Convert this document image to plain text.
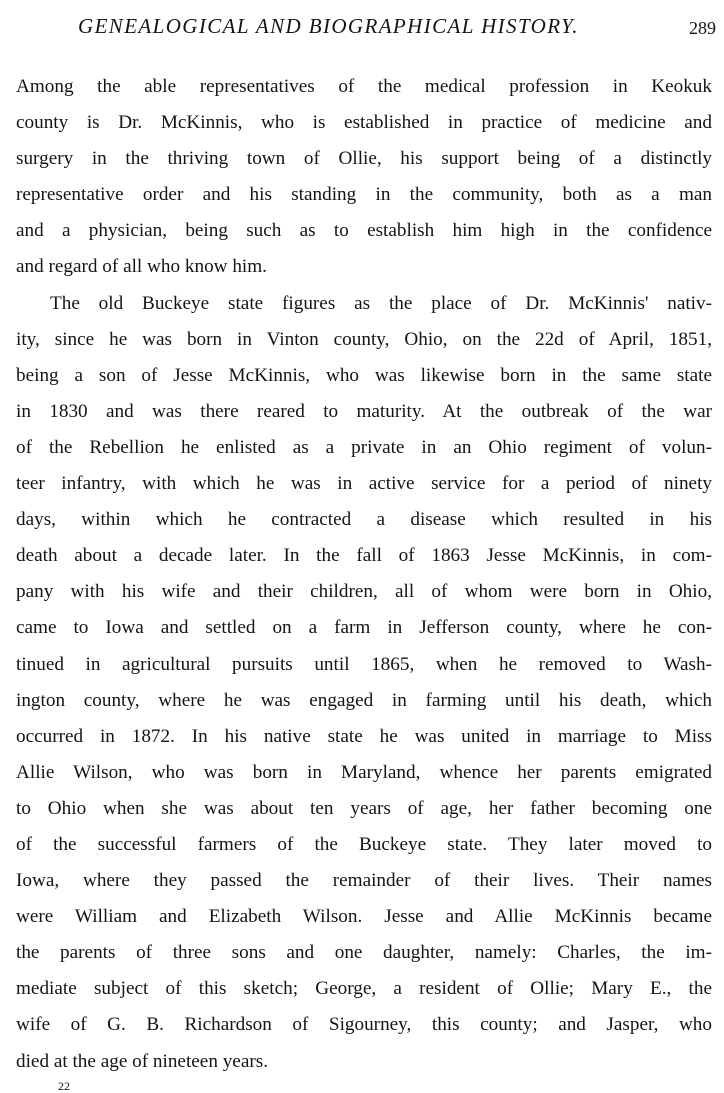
GENEALOGICAL AND BIOGRAPHICAL HISTORY.	289
Among the able representatives of the medical profession in Keokuk
county is Dr. McKinnis, who is established in practice of medicine and
surgery in the thriving town of Ollie, his support being of a distinctly
representative order and his standing in the community, both as a man
and a physician, being such as to establish him high in the confidence
and regard of all who know him.
The old Buckeye state figures as the place of Dr. McKinnis' nativ-
ity, since he was born in Vinton county, Ohio, on the 22d of April, 1851,
being a son of Jesse McKinnis, who was likewise born in the same state
in 1830 and was there reared to maturity. At the outbreak of the war
of the Rebellion he enlisted as a private in an Ohio regiment of volun-
teer infantry, with which he was in active service for a period of ninety
days, within which he contracted a disease which resulted in his
death about a decade later. In the fall of 1863 Jesse McKinnis, in com-
pany with his wife and their children, all of whom were born in Ohio,
came to Iowa and settled on a farm in Jefferson county, where he con-
tinued in agricultural pursuits until 1865, when he removed to Wash-
ington county, where he was engaged in farming until his death, which
occurred in 1872. In his native state he was united in marriage to Miss
Allie Wilson, who was born in Maryland, whence her parents emigrated
to Ohio when she was about ten years of age, her father becoming one
of the successful farmers of the Buckeye state. They later moved to
Iowa, where they passed the remainder of their lives. Their names
were William and Elizabeth Wilson. Jesse and Allie McKinnis became
the parents of three sons and one daughter, namely: Charles, the im-
mediate subject of this sketch; George, a resident of Ollie; Mary E., the
wife of G. B. Richardson of Sigourney, this county; and Jasper, who
died at the age of nineteen years.
22
